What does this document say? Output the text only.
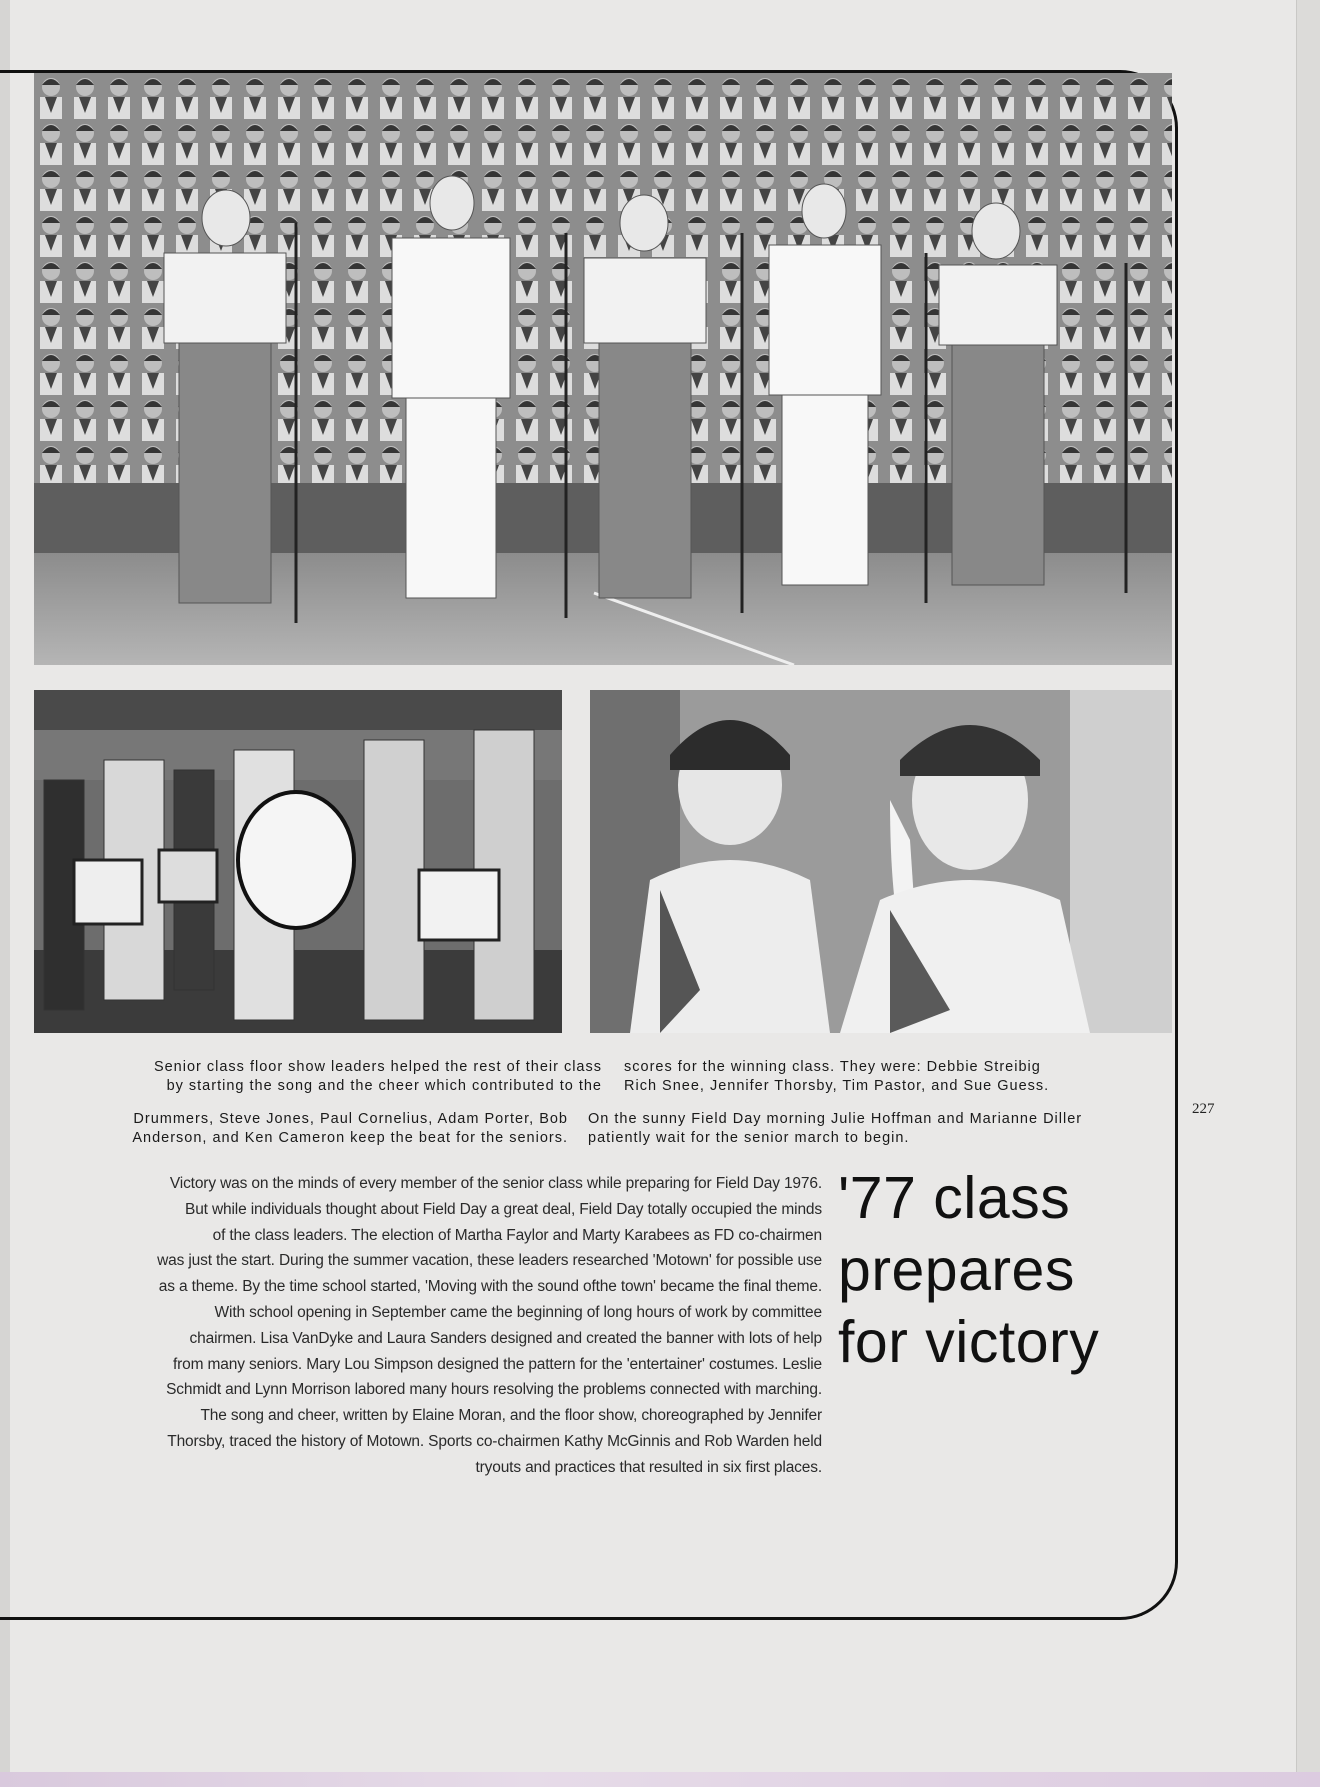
Senior class floor show leaders helped the rest of their class
by starting the song and the cheer which contributed to the
scores for the winning class. They were: Debbie Streibig
Rich Snee, Jennifer Thorsby, Tim Pastor, and Sue Guess.
Drummers, Steve Jones, Paul Cornelius, Adam Porter, Bob
Anderson, and Ken Cameron keep the beat for the seniors.
On the sunny Field Day morning Julie Hoffman and Marianne Diller
patiently wait for the senior march to begin.
227

Victory was on the minds of every member of the senior class while preparing for Field Day 1976.

But while individuals thought about Field Day a great deal, Field Day totally occupied the minds

of the class leaders. The election of Martha Faylor and Marty Karabees as FD co-chairmen

was just the start. During the summer vacation, these leaders researched 'Motown' for possible use

as a theme. By the time school started, 'Moving with the sound ofthe town' became the final theme.

With school opening in September came the beginning of long hours of work by committee

chairmen. Lisa VanDyke and Laura Sanders designed and created the banner with lots of help

from many seniors. Mary Lou Simpson designed the pattern for the 'entertainer' costumes. Leslie

Schmidt and Lynn Morrison labored many hours resolving the problems connected with marching.

The song and cheer, written by Elaine Moran, and the floor show, choreographed by Jennifer

Thorsby, traced the history of Motown. Sports co-chairmen Kathy McGinnis and Rob Warden held

tryouts and practices that resulted in six first places.

'77 class
prepares
for victory
